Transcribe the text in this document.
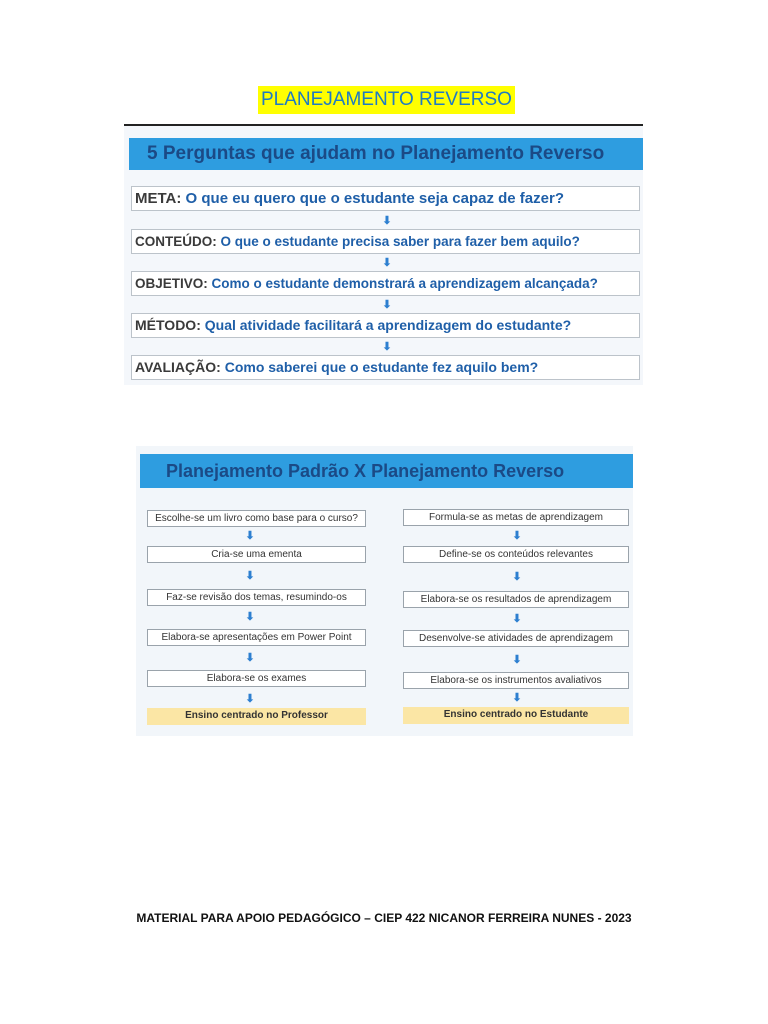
PLANEJAMENTO REVERSO
5 Perguntas que ajudam no Planejamento Reverso
META: O que eu quero que o estudante seja capaz de fazer?
⬇
CONTEÚDO: O que o estudante precisa saber para fazer bem aquilo?
⬇
OBJETIVO: Como o estudante demonstrará a aprendizagem alcançada?
⬇
MÉTODO: Qual atividade facilitará a aprendizagem do estudante?
⬇
AVALIAÇÃO: Como saberei que o estudante fez aquilo bem?
Planejamento Padrão X Planejamento Reverso
Escolhe-se um livro como base para o curso?
⬇
Cria-se uma ementa
⬇
Faz-se revisão dos temas, resumindo-os
⬇
Elabora-se apresentações em Power Point
⬇
Elabora-se os exames
⬇
Ensino centrado no Professor
Formula-se as metas de aprendizagem
⬇
Define-se os conteúdos relevantes
⬇
Elabora-se os resultados de aprendizagem
⬇
Desenvolve-se atividades de aprendizagem
⬇
Elabora-se os instrumentos avaliativos
⬇
Ensino centrado no Estudante
MATERIAL PARA APOIO PEDAGÓGICO – CIEP 422 NICANOR FERREIRA NUNES - 2023
